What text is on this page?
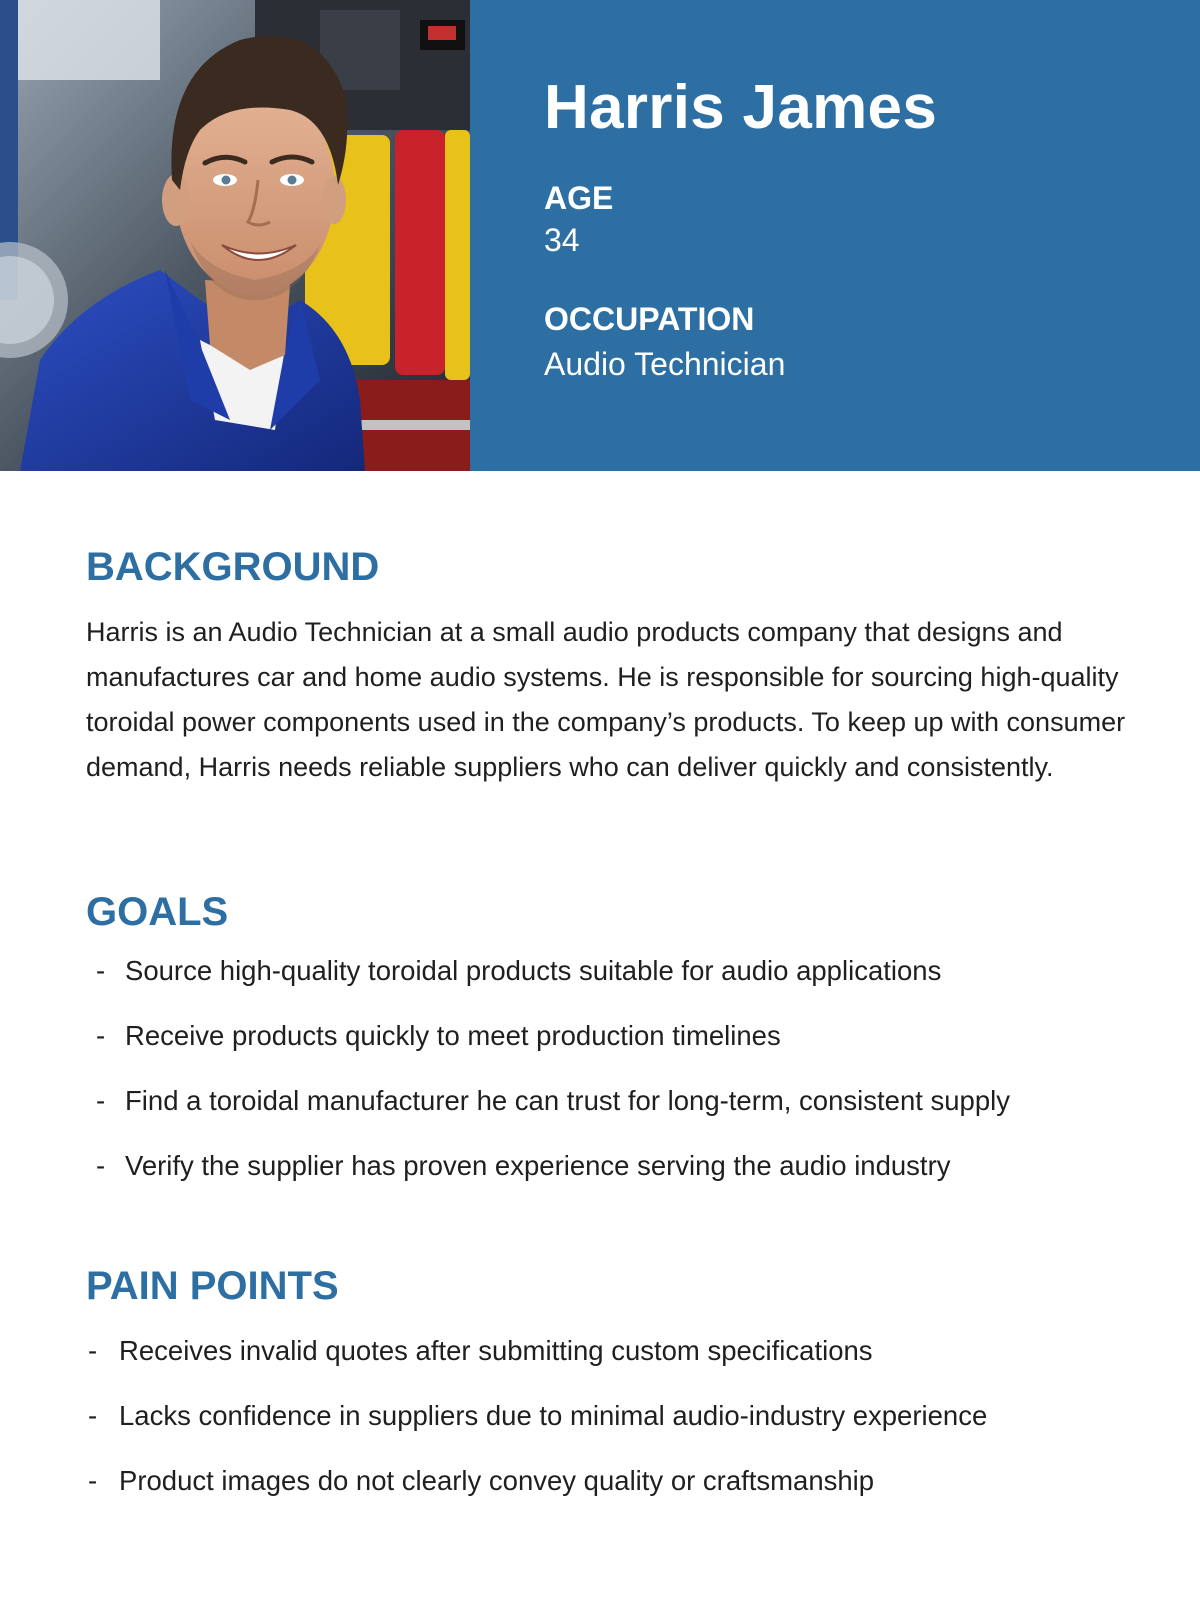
Harris James
AGE
34
OCCUPATION
Audio Technician
BACKGROUND

Harris is an Audio Technician at a small audio products company that designs and manufactures car and home audio systems. He is responsible for sourcing high-quality toroidal power components used in the company’s products. To keep up with consumer demand, Harris needs reliable suppliers who can deliver quickly and consistently.

GOALS
- Source high-quality toroidal products suitable for audio applications
- Receive products quickly to meet production timelines
- Find a toroidal manufacturer he can trust for long-term, consistent supply
- Verify the supplier has proven experience serving the audio industry
PAIN POINTS
- Receives invalid quotes after submitting custom specifications
- Lacks confidence in suppliers due to minimal audio-industry experience
- Product images do not clearly convey quality or craftsmanship
